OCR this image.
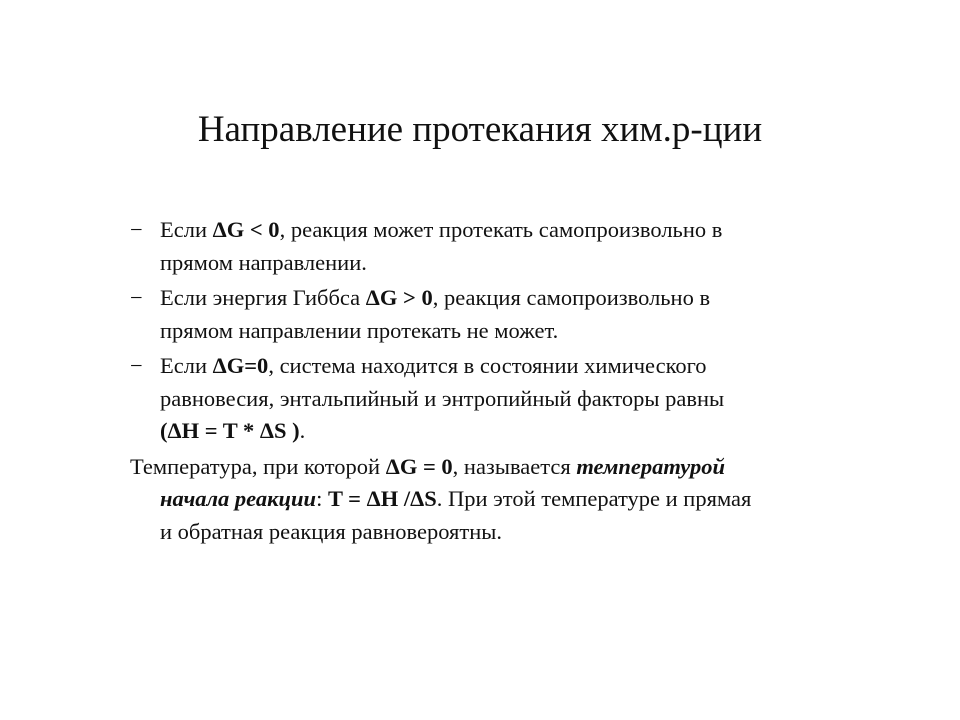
Направление протекания хим.р-ции
− Если ΔG < 0, реакция может протекать самопроизвольно в
прямом направлении.
− Если энергия Гиббса ΔG > 0, реакция самопроизвольно в
прямом направлении протекать не может.
− Если ΔG=0, система находится в состоянии химического
равновесия, энтальпийный и энтропийный факторы равны
(ΔH = T * ΔS ).
Температура, при которой ΔG = 0, называется температурой
начала реакции: T = ΔH /ΔS. При этой температуре и прямая
и обратная реакция равновероятны.
